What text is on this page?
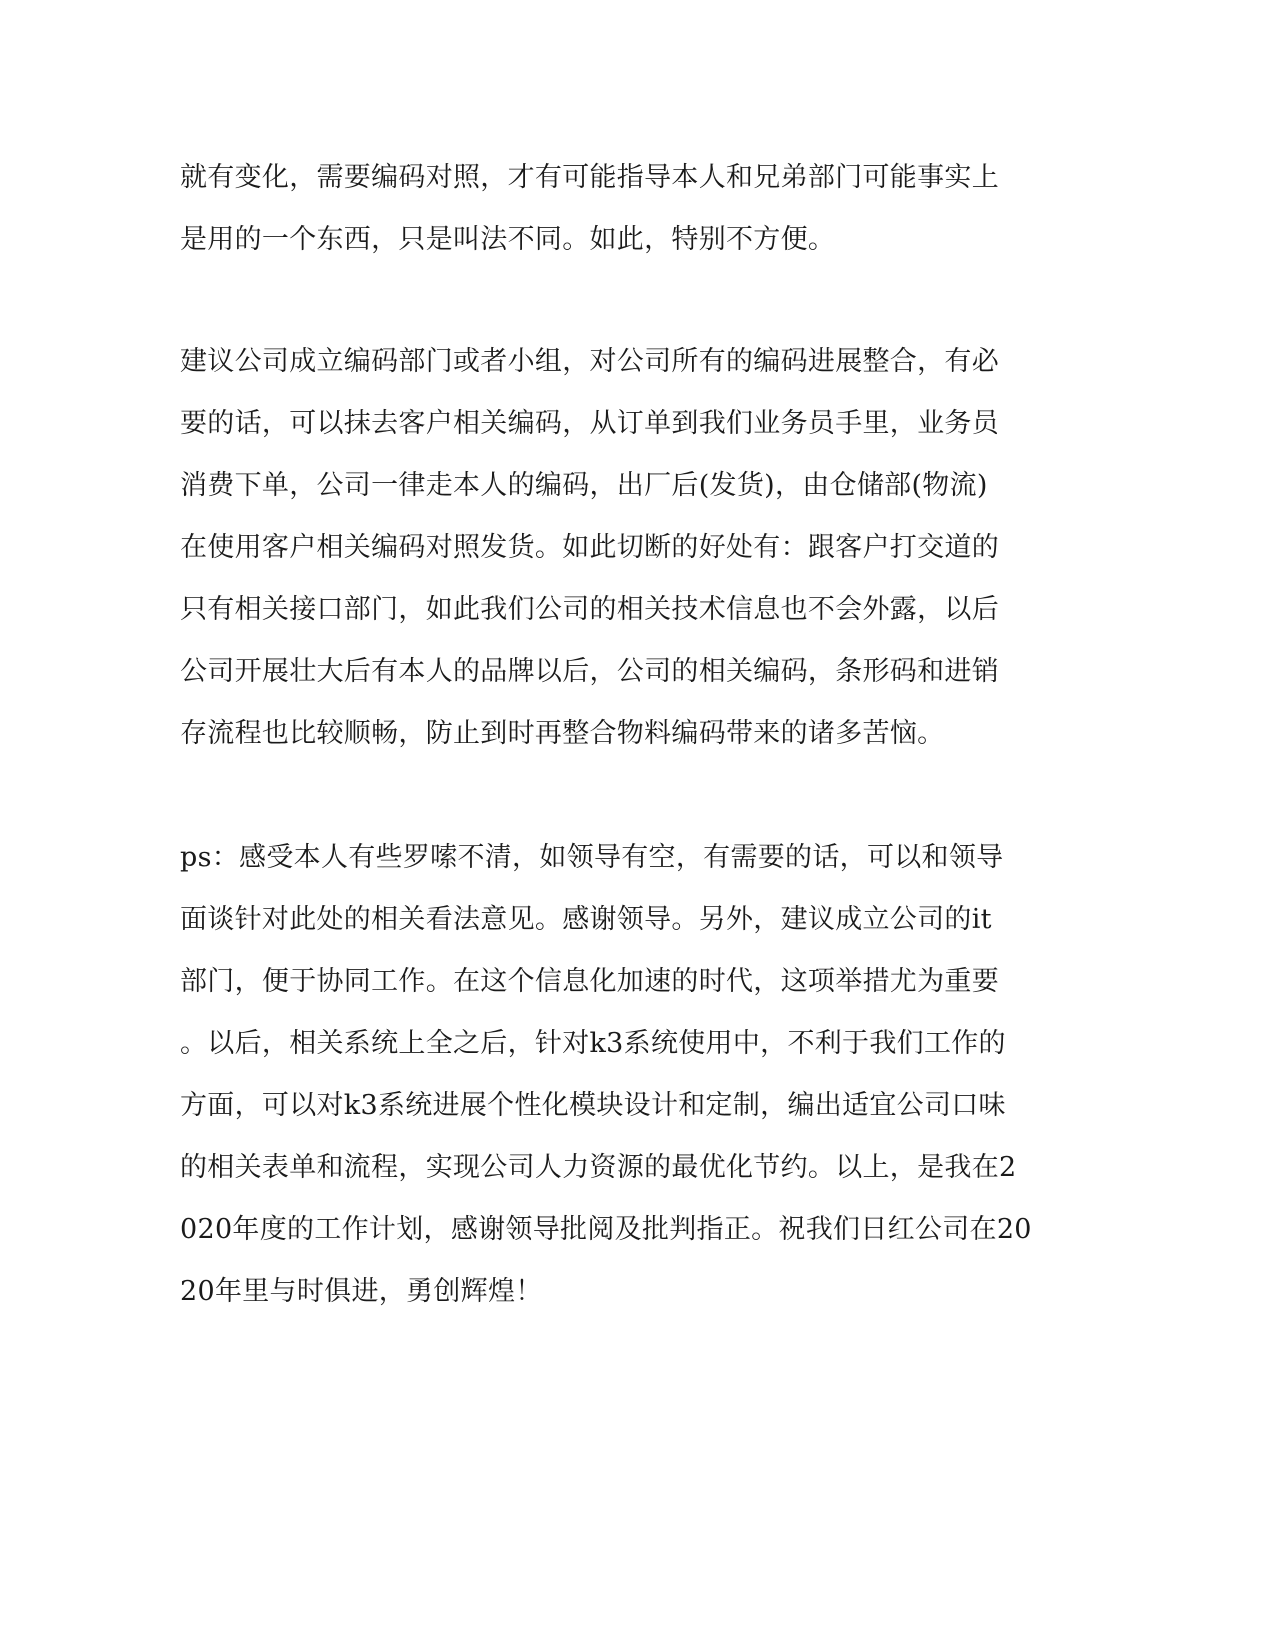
就有变化，需要编码对照，才有可能指导本人和兄弟部门可能事实上
是用的一个东西，只是叫法不同。如此，特别不方便。
建议公司成立编码部门或者小组，对公司所有的编码进展整合，有必
要的话，可以抹去客户相关编码，从订单到我们业务员手里，业务员
消费下单，公司一律走本人的编码，出厂后(发货)，由仓储部(物流)
在使用客户相关编码对照发货。如此切断的好处有：跟客户打交道的
只有相关接口部门，如此我们公司的相关技术信息也不会外露，以后
公司开展壮大后有本人的品牌以后，公司的相关编码，条形码和进销
存流程也比较顺畅，防止到时再整合物料编码带来的诸多苦恼。
ps：感受本人有些罗嗦不清，如领导有空，有需要的话，可以和领导
面谈针对此处的相关看法意见。感谢领导。另外，建议成立公司的it
部门，便于协同工作。在这个信息化加速的时代，这项举措尤为重要
。以后，相关系统上全之后，针对k3系统使用中，不利于我们工作的
方面，可以对k3系统进展个性化模块设计和定制，编出适宜公司口味
的相关表单和流程，实现公司人力资源的最优化节约。以上，是我在2
020年度的工作计划，感谢领导批阅及批判指正。祝我们日红公司在20
20年里与时俱进，勇创辉煌！
